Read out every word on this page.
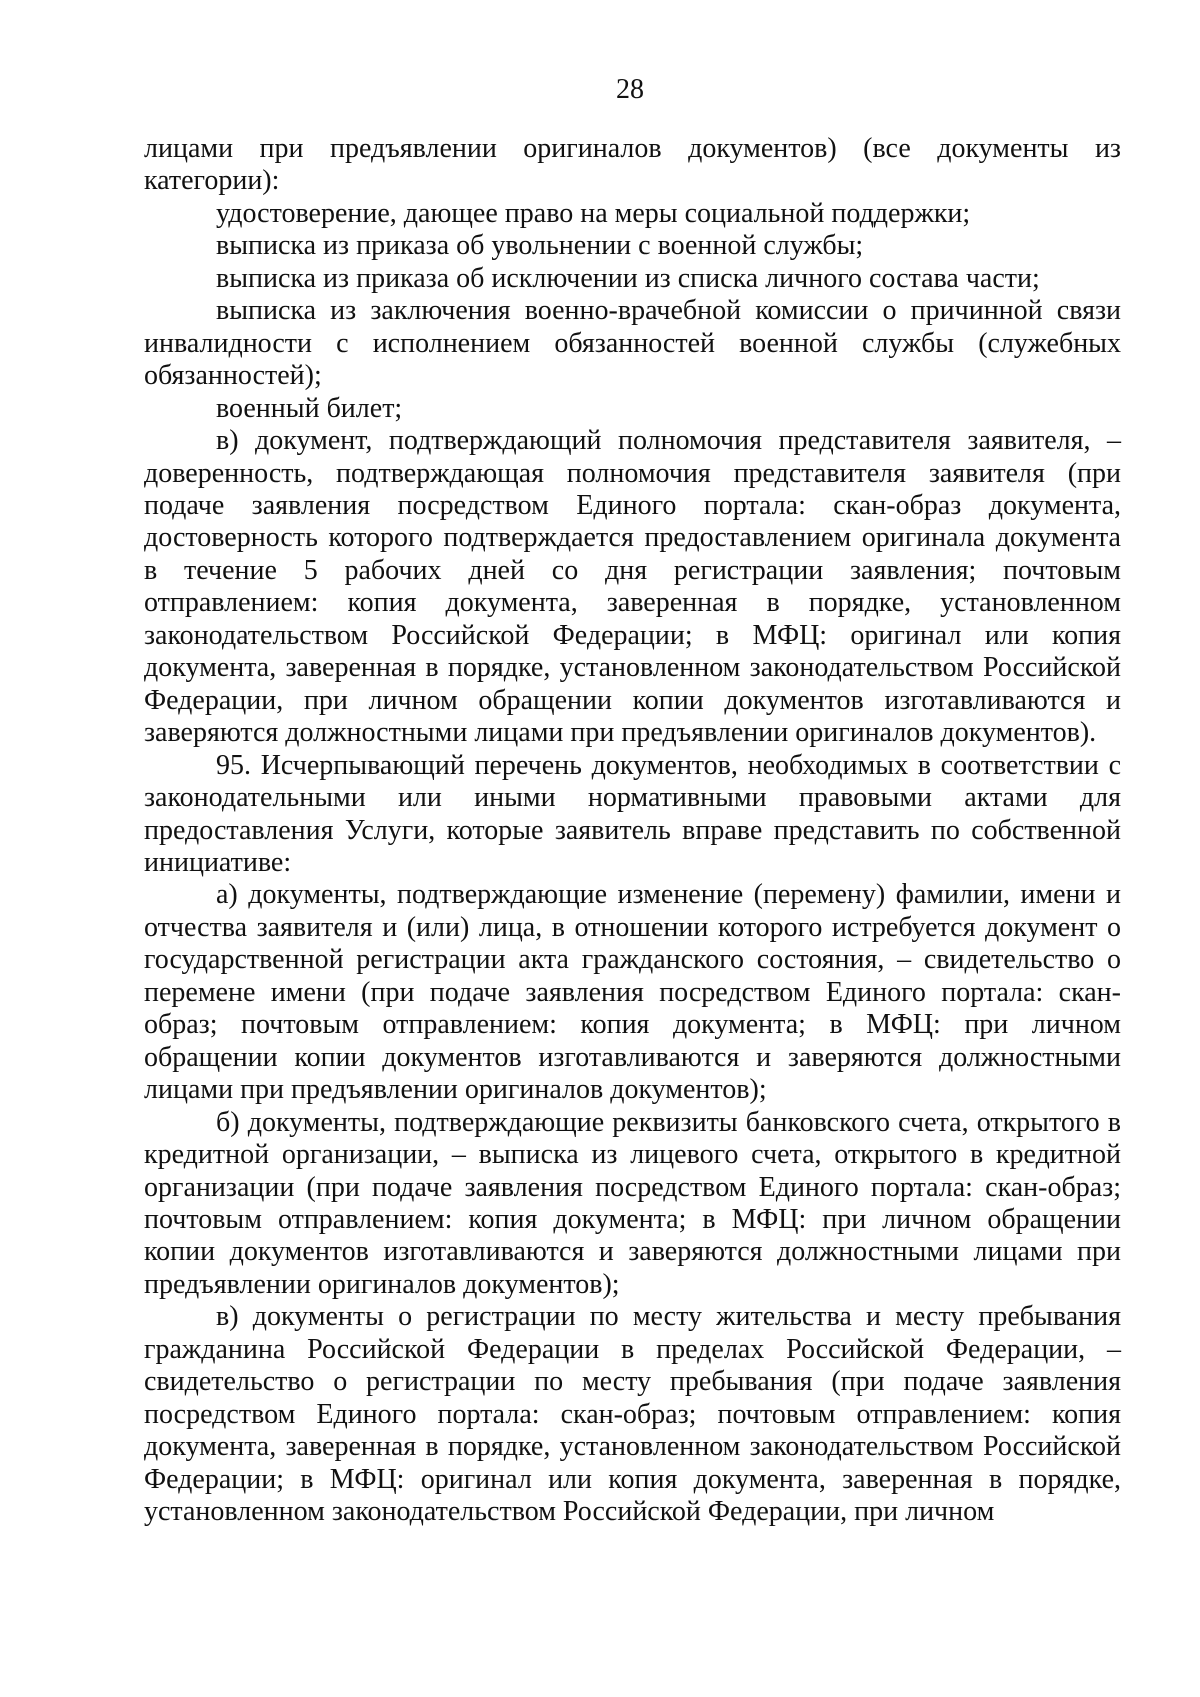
28

лицами при предъявлении оригиналов документов) (все документы из категории):

удостоверение, дающее право на меры социальной поддержки;

выписка из приказа об увольнении с военной службы;

выписка из приказа об исключении из списка личного состава части;

выписка из заключения военно-врачебной комиссии о причинной связи инвалидности с исполнением обязанностей военной службы (служебных обязанностей);

военный билет;

в) документ, подтверждающий полномочия представителя заявителя, – доверенность, подтверждающая полномочия представителя заявителя (при подаче заявления посредством Единого портала: скан-образ документа, достоверность которого подтверждается предоставлением оригинала документа в течение 5 рабочих дней со дня регистрации заявления; почтовым отправлением: копия документа, заверенная в порядке, установленном законодательством Российской Федерации; в МФЦ: оригинал или копия документа, заверенная в порядке, установленном законодательством Российской Федерации, при личном обращении копии документов изготавливаются и заверяются должностными лицами при предъявлении оригиналов документов).

95. Исчерпывающий перечень документов, необходимых в соответствии с законодательными или иными нормативными правовыми актами для предоставления Услуги, которые заявитель вправе представить по собственной инициативе:

а) документы, подтверждающие изменение (перемену) фамилии, имени и отчества заявителя и (или) лица, в отношении которого истребуется документ о государственной регистрации акта гражданского состояния, – свидетельство о перемене имени (при подаче заявления посредством Единого портала: скан-образ; почтовым отправлением: копия документа; в МФЦ: при личном обращении копии документов изготавливаются и заверяются должностными лицами при предъявлении оригиналов документов);

б) документы, подтверждающие реквизиты банковского счета, открытого в кредитной организации, – выписка из лицевого счета, открытого в кредитной организации (при подаче заявления посредством Единого портала: скан-образ; почтовым отправлением: копия документа; в МФЦ: при личном обращении копии документов изготавливаются и заверяются должностными лицами при предъявлении оригиналов документов);

в) документы о регистрации по месту жительства и месту пребывания гражданина Российской Федерации в пределах Российской Федерации, – свидетельство о регистрации по месту пребывания (при подаче заявления посредством Единого портала: скан-образ; почтовым отправлением: копия документа, заверенная в порядке, установленном законодательством Российской Федерации; в МФЦ: оригинал или копия документа, заверенная в порядке, установленном законодательством Российской Федерации, при личном
